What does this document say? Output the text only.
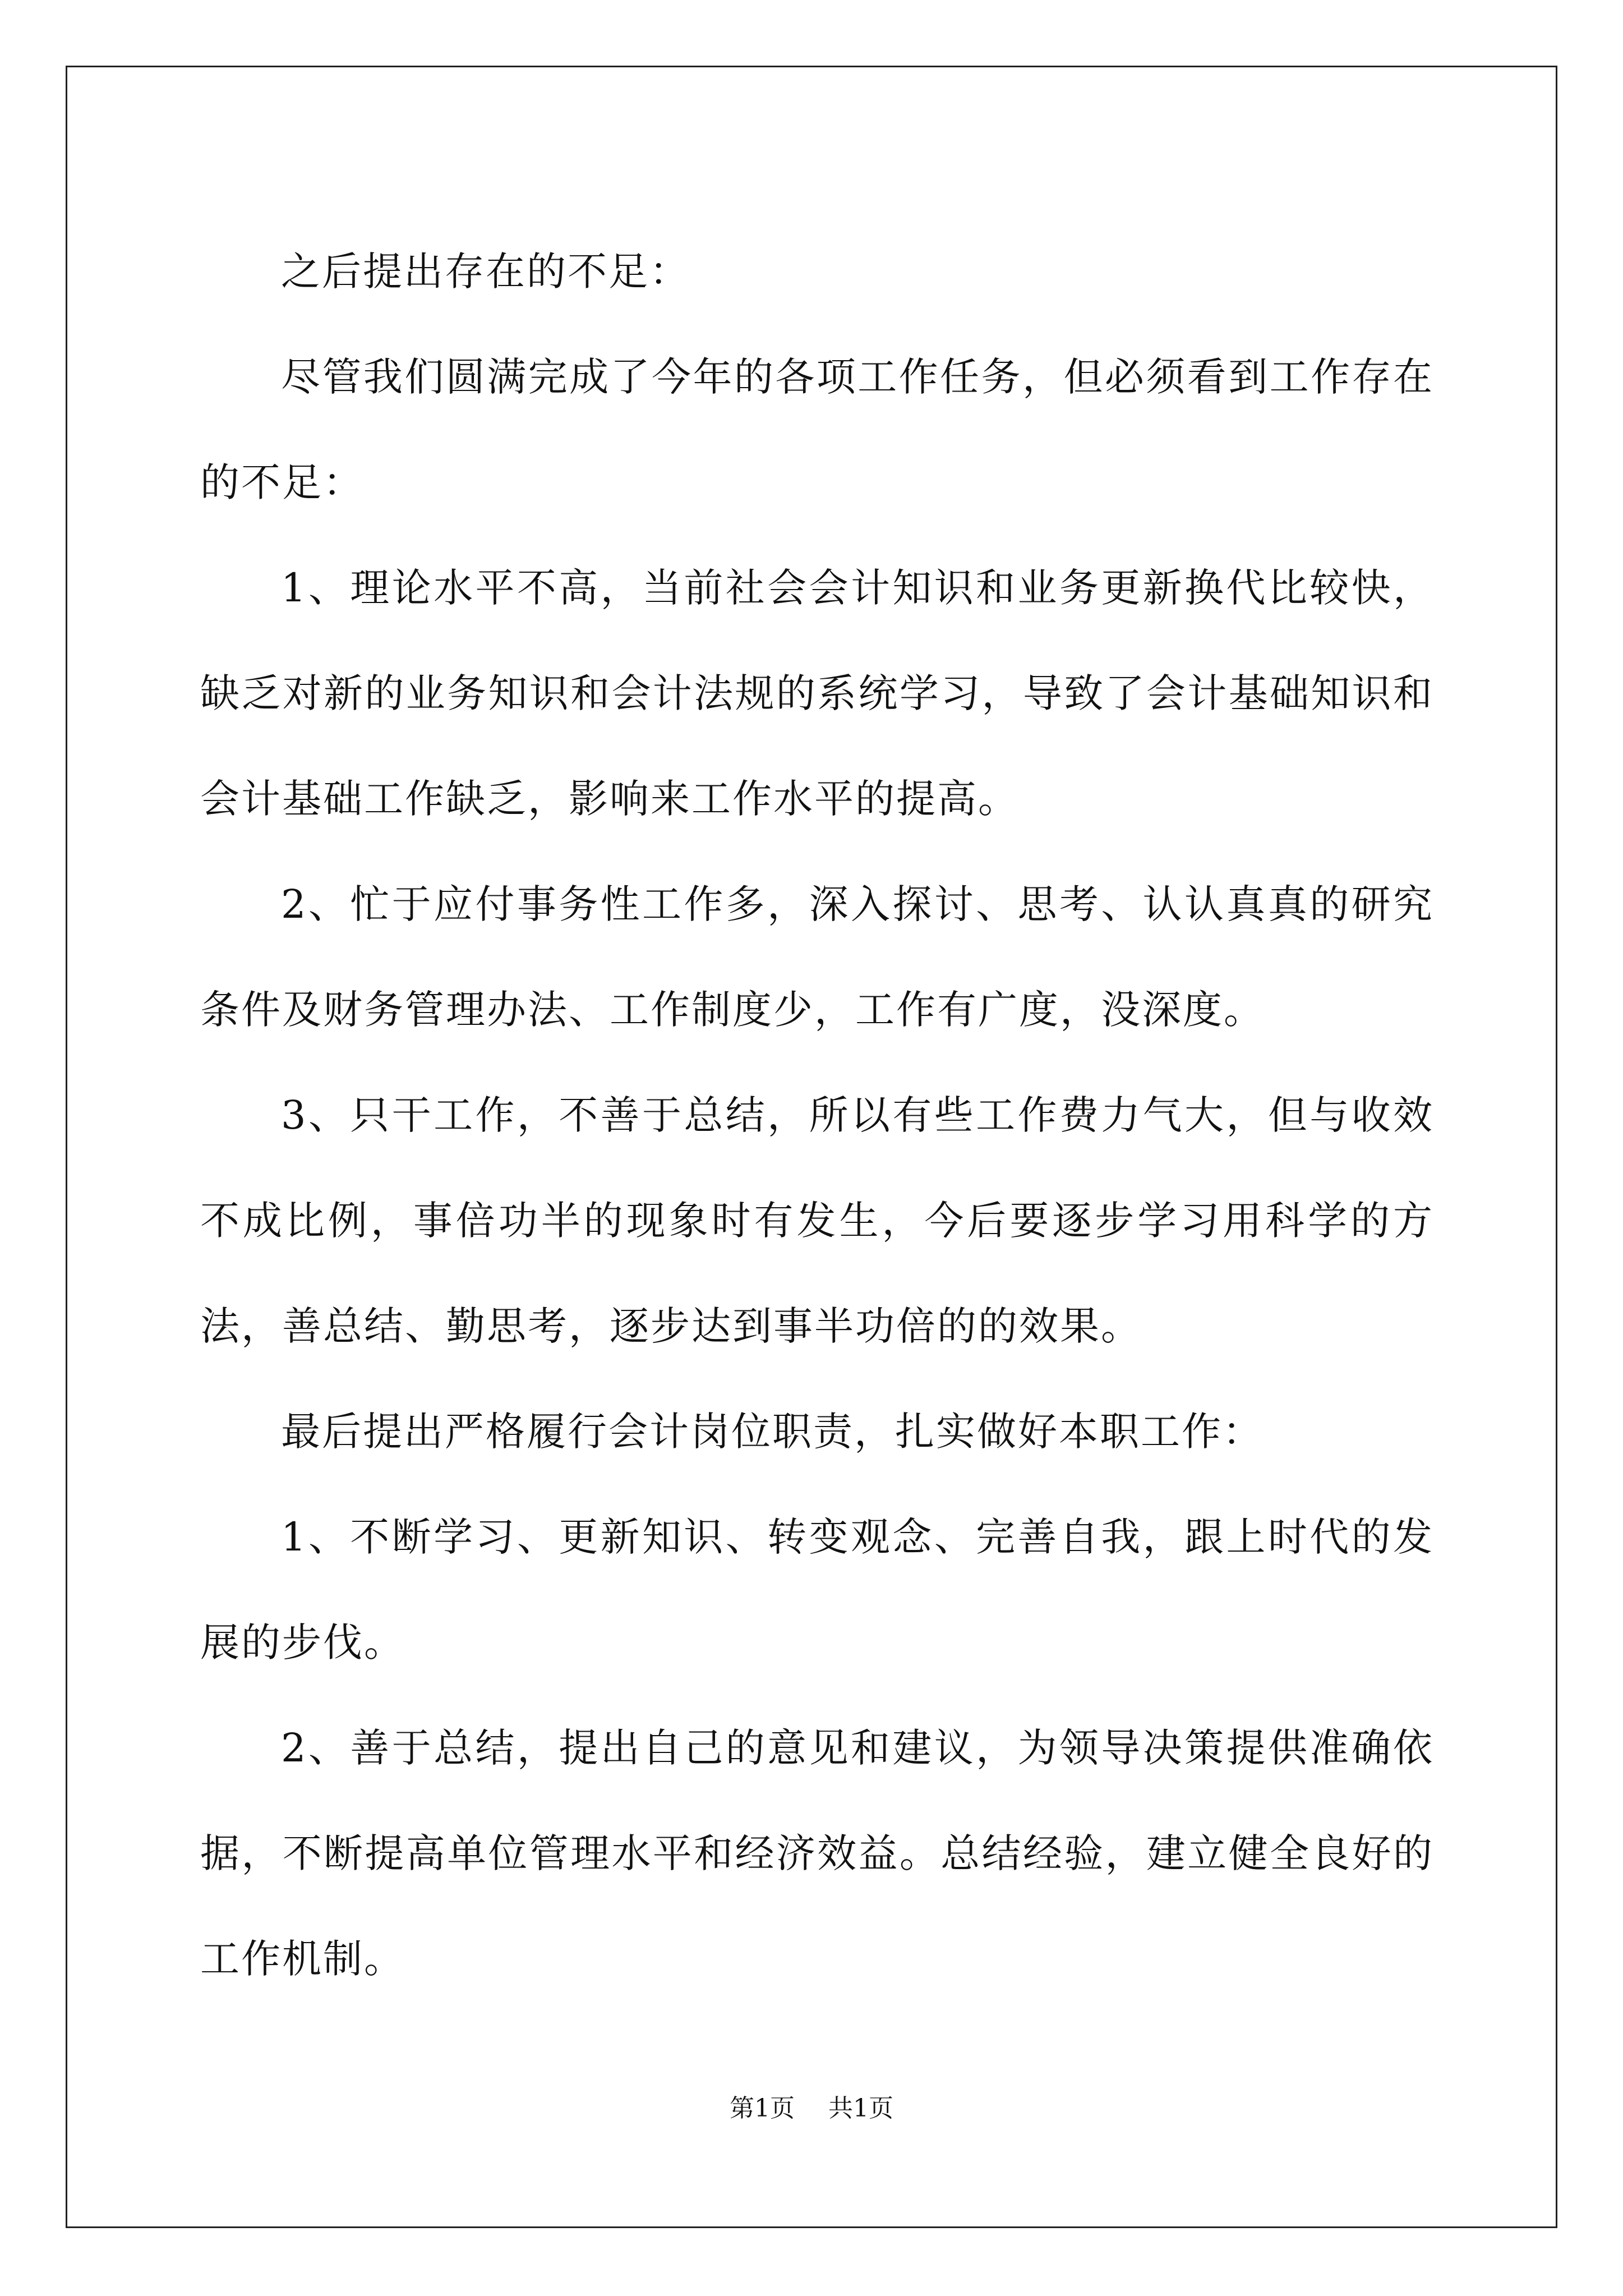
之后提出存在的不足：

尽管我们圆满完成了今年的各项工作任务，但必须看到工作存在的不足：

1、理论水平不高，当前社会会计知识和业务更新换代比较快，缺乏对新的业务知识和会计法规的系统学习，导致了会计基础知识和会计基础工作缺乏，影响来工作水平的提高。

2、忙于应付事务性工作多，深入探讨、思考、认认真真的研究条件及财务管理办法、工作制度少，工作有广度，没深度。

3、只干工作，不善于总结，所以有些工作费力气大，但与收效不成比例，事倍功半的现象时有发生，今后要逐步学习用科学的方法，善总结、勤思考，逐步达到事半功倍的的效果。

最后提出严格履行会计岗位职责，扎实做好本职工作：

1、不断学习、更新知识、转变观念、完善自我，跟上时代的发展的步伐。

2、善于总结，提出自己的意见和建议，为领导决策提供准确依据，不断提高单位管理水平和经济效益。总结经验，建立健全良好的工作机制。

第1页 共1页
